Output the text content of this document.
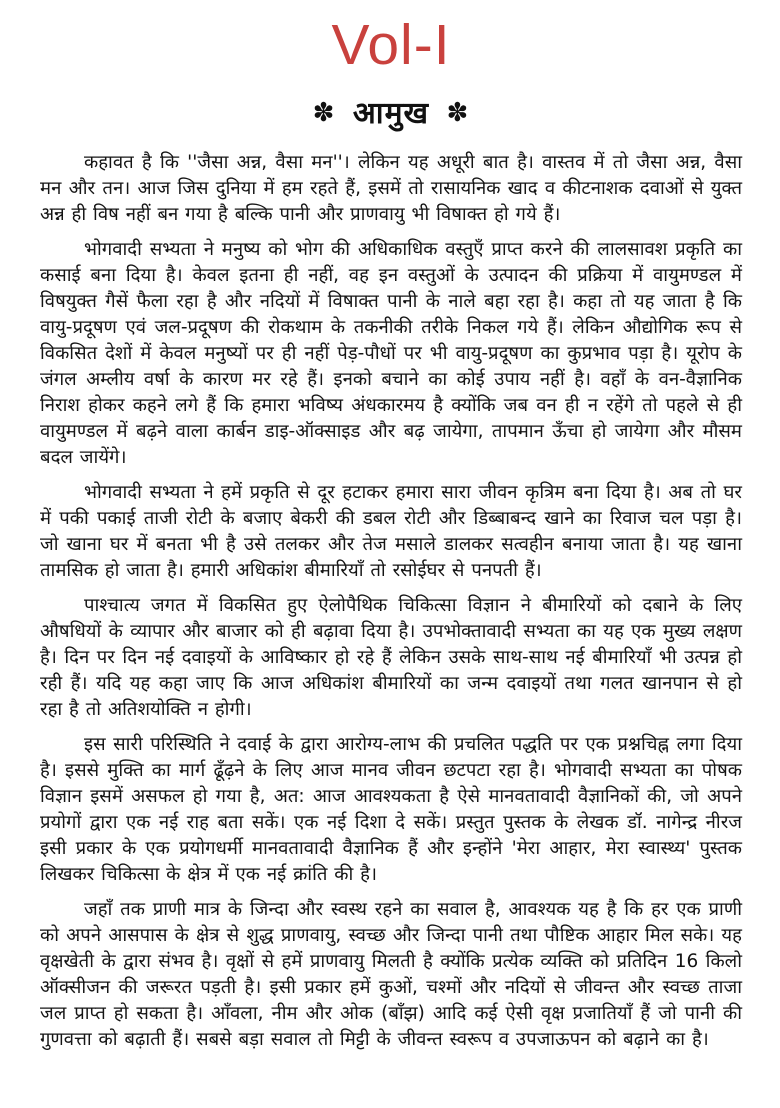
Vol-I
✽ आमुख ✽

कहावत है कि ''जैसा अन्न, वैसा मन''। लेकिन यह अधूरी बात है। वास्तव में तो जैसा अन्न, वैसा मन और तन। आज जिस दुनिया में हम रहते हैं, इसमें तो रासायनिक खाद व कीटनाशक दवाओं से युक्त अन्न ही विष नहीं बन गया है बल्कि पानी और प्राणवायु भी विषाक्त हो गये हैं।

भोगवादी सभ्यता ने मनुष्य को भोग की अधिकाधिक वस्तुएँ प्राप्त करने की लालसावश प्रकृति का कसाई बना दिया है। केवल इतना ही नहीं, वह इन वस्तुओं के उत्पादन की प्रक्रिया में वायुमण्डल में विषयुक्त गैसें फैला रहा है और नदियों में विषाक्त पानी के नाले बहा रहा है। कहा तो यह जाता है कि वायु-प्रदूषण एवं जल-प्रदूषण की रोकथाम के तकनीकी तरीके निकल गये हैं। लेकिन औद्योगिक रूप से विकसित देशों में केवल मनुष्यों पर ही नहीं पेड़-पौधों पर भी वायु-प्रदूषण का कुप्रभाव पड़ा है। यूरोप के जंगल अम्लीय वर्षा के कारण मर रहे हैं। इनको बचाने का कोई उपाय नहीं है। वहाँ के वन-वैज्ञानिक निराश होकर कहने लगे हैं कि हमारा भविष्य अंधकारमय है क्योंकि जब वन ही न रहेंगे तो पहले से ही वायुमण्डल में बढ़ने वाला कार्बन डाइ-ऑक्साइड और बढ़ जायेगा, तापमान ऊँचा हो जायेगा और मौसम बदल जायेंगे।

भोगवादी सभ्यता ने हमें प्रकृति से दूर हटाकर हमारा सारा जीवन कृत्रिम बना दिया है। अब तो घर में पकी पकाई ताजी रोटी के बजाए बेकरी की डबल रोटी और डिब्बाबन्द खाने का रिवाज चल पड़ा है। जो खाना घर में बनता भी है उसे तलकर और तेज मसाले डालकर सत्वहीन बनाया जाता है। यह खाना तामसिक हो जाता है। हमारी अधिकांश बीमारियाँ तो रसोईघर से पनपती हैं।

पाश्चात्य जगत में विकसित हुए ऐलोपैथिक चिकित्सा विज्ञान ने बीमारियों को दबाने के लिए औषधियों के व्यापार और बाजार को ही बढ़ावा दिया है। उपभोक्तावादी सभ्यता का यह एक मुख्य लक्षण है। दिन पर दिन नई दवाइयों के आविष्कार हो रहे हैं लेकिन उसके साथ-साथ नई बीमारियाँ भी उत्पन्न हो रही हैं। यदि यह कहा जाए कि आज अधिकांश बीमारियों का जन्म दवाइयों तथा गलत खानपान से हो रहा है तो अतिशयोक्ति न होगी।

इस सारी परिस्थिति ने दवाई के द्वारा आरोग्य-लाभ की प्रचलित पद्धति पर एक प्रश्नचिह्न लगा दिया है। इससे मुक्ति का मार्ग ढूँढ़ने के लिए आज मानव जीवन छटपटा रहा है। भोगवादी सभ्यता का पोषक विज्ञान इसमें असफल हो गया है, अत: आज आवश्यकता है ऐसे मानवतावादी वैज्ञानिकों की, जो अपने प्रयोगों द्वारा एक नई राह बता सकें। एक नई दिशा दे सकें। प्रस्तुत पुस्तक के लेखक डॉ. नागेन्द्र नीरज इसी प्रकार के एक प्रयोगधर्मी मानवतावादी वैज्ञानिक हैं और इन्होंने 'मेरा आहार, मेरा स्वास्थ्य' पुस्तक लिखकर चिकित्सा के क्षेत्र में एक नई क्रांति की है।

जहाँ तक प्राणी मात्र के जिन्दा और स्वस्थ रहने का सवाल है, आवश्यक यह है कि हर एक प्राणी को अपने आसपास के क्षेत्र से शुद्ध प्राणवायु, स्वच्छ और जिन्दा पानी तथा पौष्टिक आहार मिल सके। यह वृक्षखेती के द्वारा संभव है। वृक्षों से हमें प्राणवायु मिलती है क्योंकि प्रत्येक व्यक्ति को प्रतिदिन 16 किलो ऑक्सीजन की जरूरत पड़ती है। इसी प्रकार हमें कुओं, चश्मों और नदियों से जीवन्त और स्वच्छ ताजा जल प्राप्त हो सकता है। आँवला, नीम और ओक (बाँझ) आदि कई ऐसी वृक्ष प्रजातियाँ हैं जो पानी की गुणवत्ता को बढ़ाती हैं। सबसे बड़ा सवाल तो मिट्टी के जीवन्त स्वरूप व उपजाऊपन को बढ़ाने का है।
